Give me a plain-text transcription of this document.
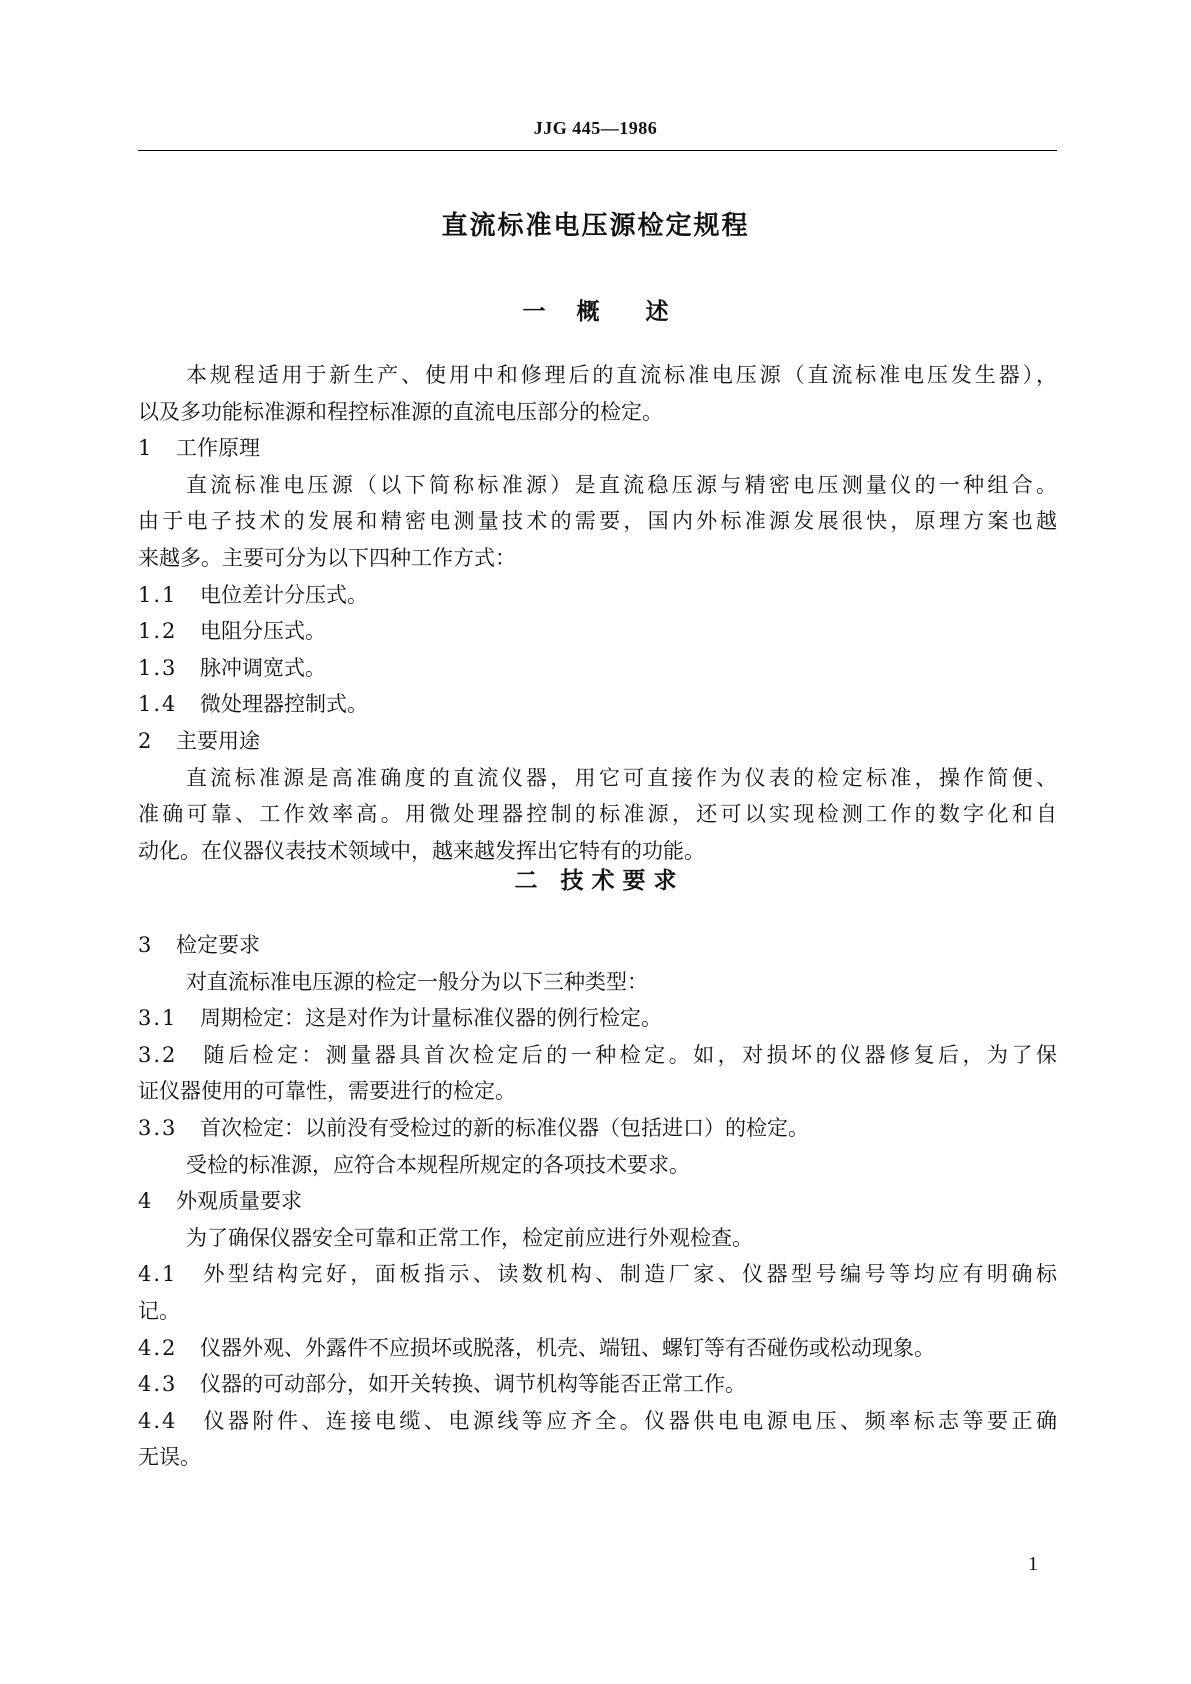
JJG 445—1986
直流标准电压源检定规程
一　 概　　述
本规程适用于新生产、使用中和修理后的直流标准电压源（直流标准电压发生器），
以及多功能标准源和程控标准源的直流电压部分的检定。
1 工作原理
直流标准电压源（以下简称标准源）是直流稳压源与精密电压测量仪的一种组合。
由于电子技术的发展和精密电测量技术的需要，国内外标准源发展很快，原理方案也越
来越多。主要可分为以下四种工作方式：
1.1 电位差计分压式。
1.2 电阻分压式。
1.3 脉冲调宽式。
1.4 微处理器控制式。
2 主要用途
直流标准源是高准确度的直流仪器，用它可直接作为仪表的检定标准，操作简便、
准确可靠、工作效率高。用微处理器控制的标准源，还可以实现检测工作的数字化和自
动化。在仪器仪表技术领域中，越来越发挥出它特有的功能。
二　技 术 要 求
3 检定要求
对直流标准电压源的检定一般分为以下三种类型：
3.1 周期检定：这是对作为计量标准仪器的例行检定。
3.2 随后检定：测量器具首次检定后的一种检定。如，对损坏的仪器修复后，为了保
证仪器使用的可靠性，需要进行的检定。
3.3 首次检定：以前没有受检过的新的标准仪器（包括进口）的检定。
受检的标准源，应符合本规程所规定的各项技术要求。
4 外观质量要求
为了确保仪器安全可靠和正常工作，检定前应进行外观检查。
4.1 外型结构完好，面板指示、读数机构、制造厂家、仪器型号编号等均应有明确标
记。
4.2 仪器外观、外露件不应损坏或脱落，机壳、端钮、螺钉等有否碰伤或松动现象。
4.3 仪器的可动部分，如开关转换、调节机构等能否正常工作。
4.4 仪器附件、连接电缆、电源线等应齐全。仪器供电电源电压、频率标志等要正确
无误。
1
